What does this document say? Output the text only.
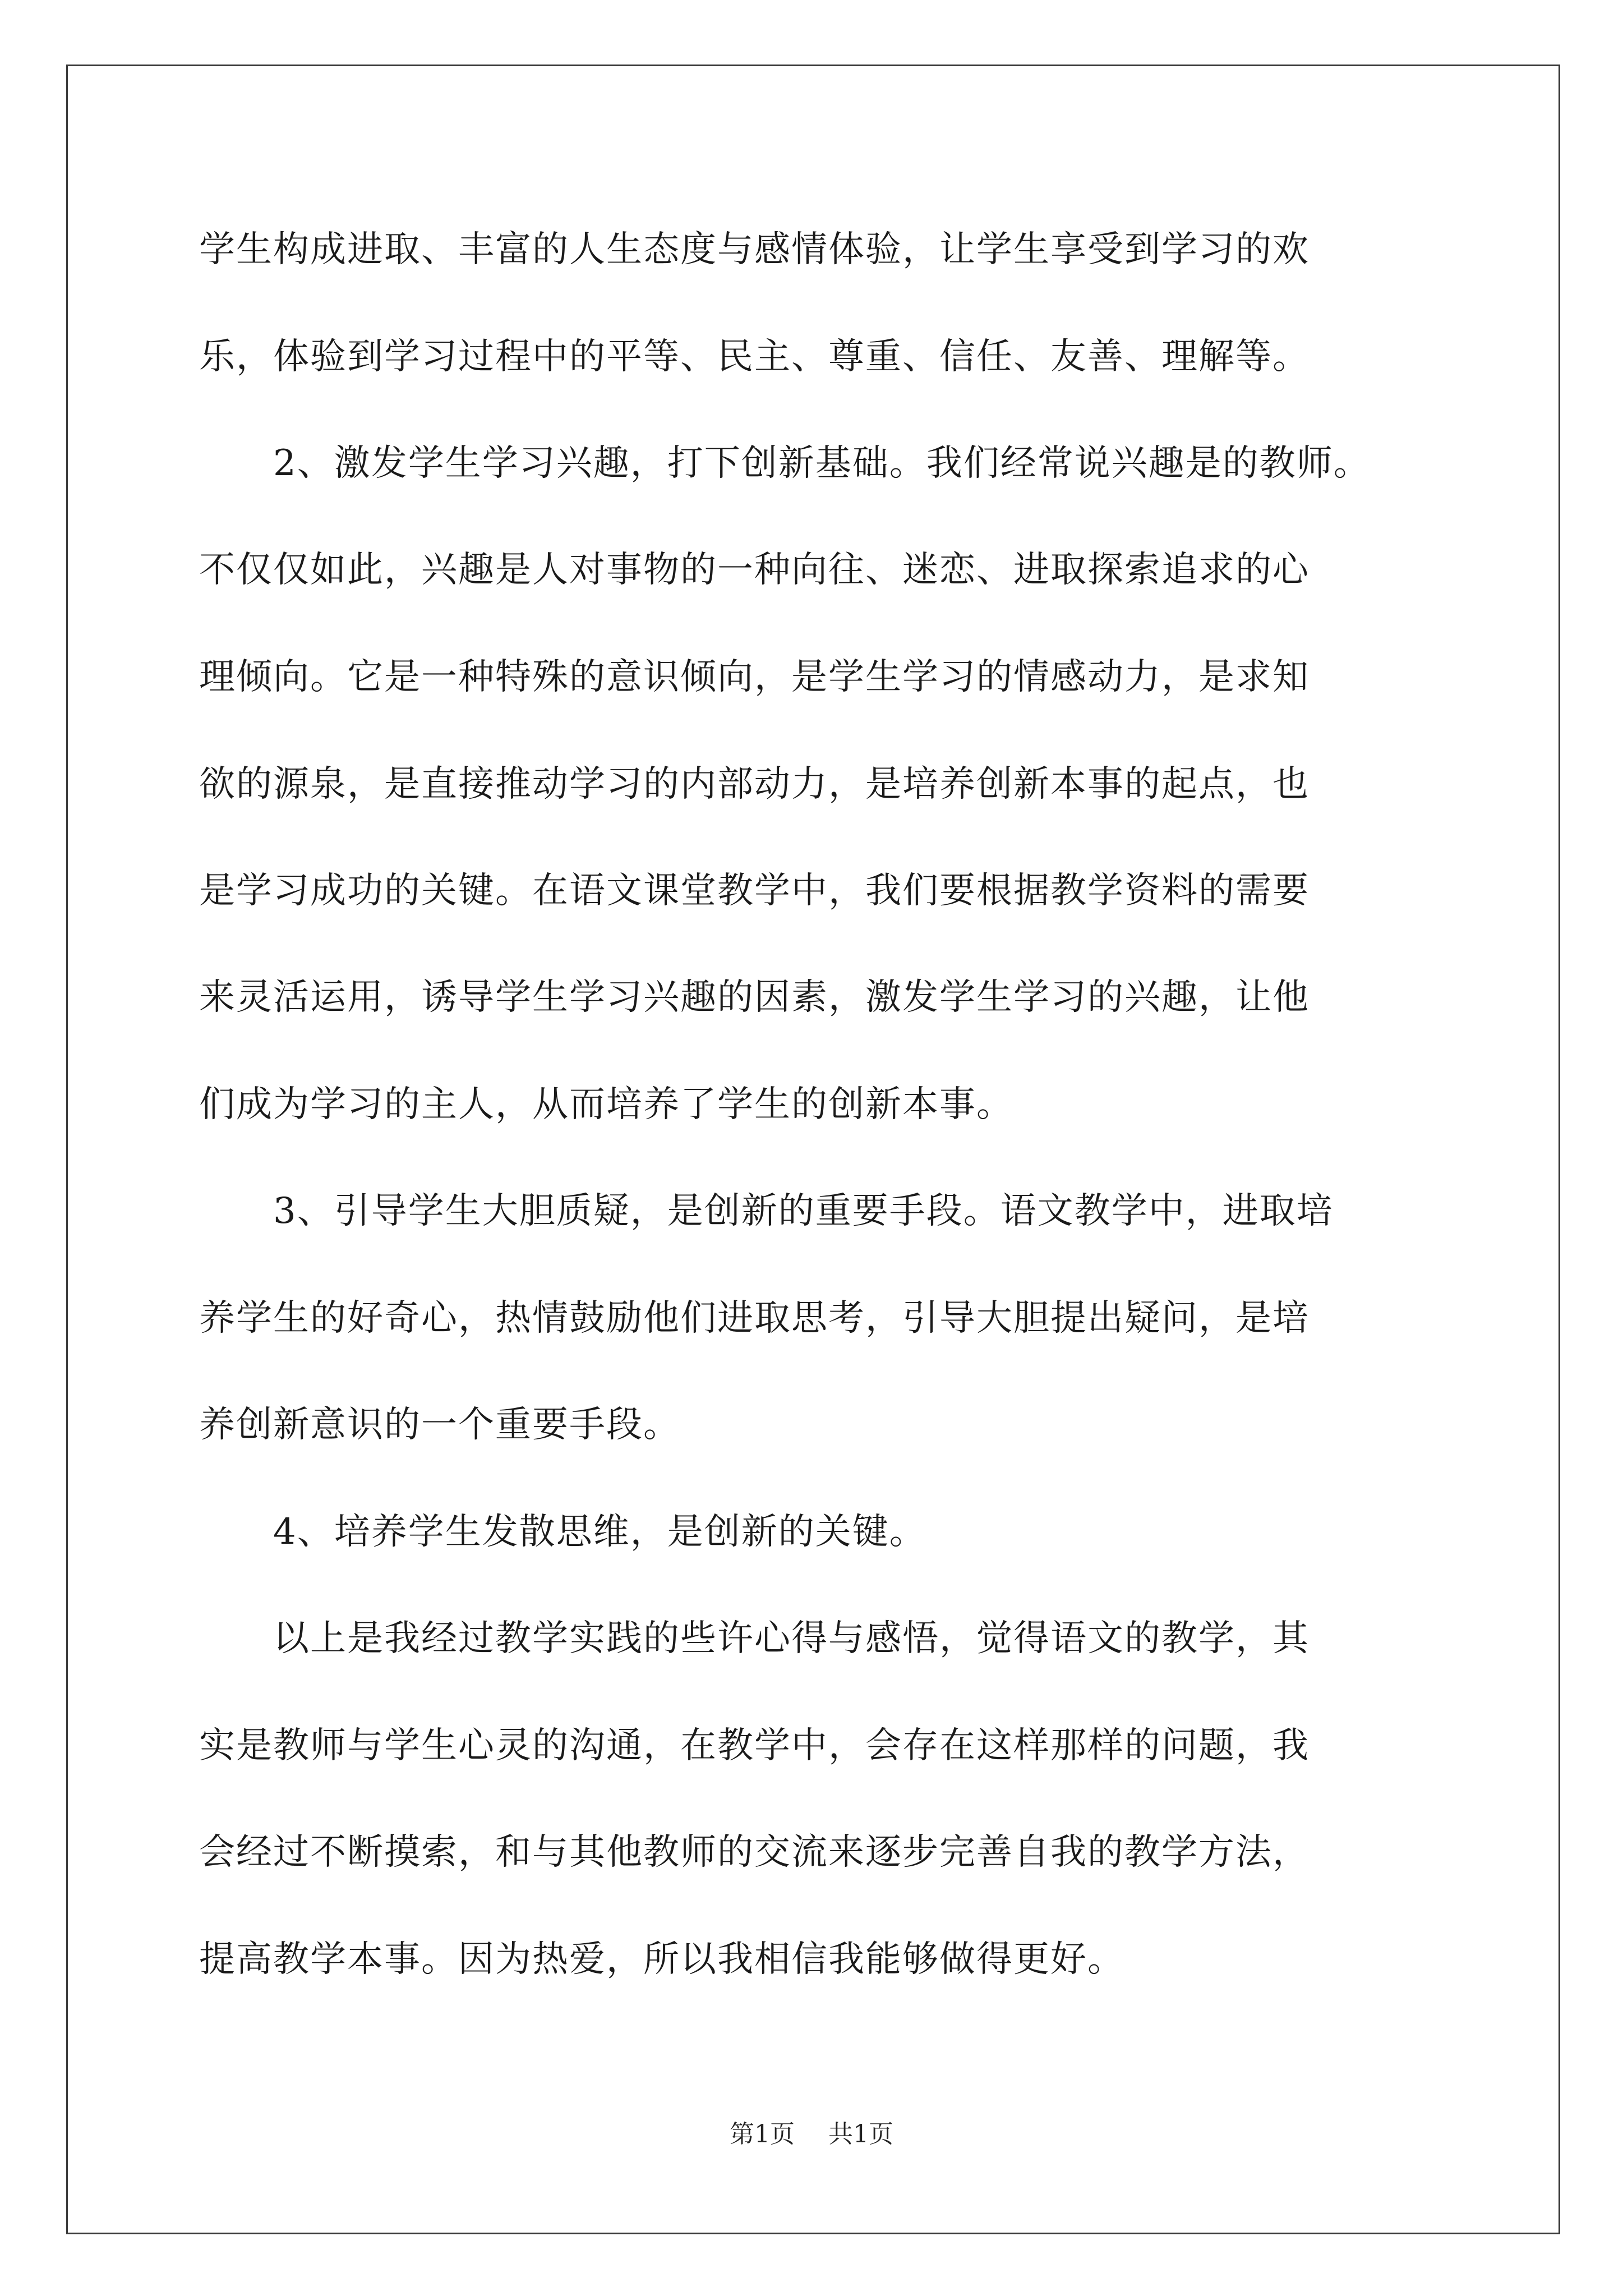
学生构成进取、丰富的人生态度与感情体验，让学生享受到学习的欢
乐，体验到学习过程中的平等、民主、尊重、信任、友善、理解等。
　　2、激发学生学习兴趣，打下创新基础。我们经常说兴趣是的教师。
不仅仅如此，兴趣是人对事物的一种向往、迷恋、进取探索追求的心
理倾向。它是一种特殊的意识倾向，是学生学习的情感动力，是求知
欲的源泉，是直接推动学习的内部动力，是培养创新本事的起点，也
是学习成功的关键。在语文课堂教学中，我们要根据教学资料的需要
来灵活运用，诱导学生学习兴趣的因素，激发学生学习的兴趣，让他
们成为学习的主人，从而培养了学生的创新本事。
　　3、引导学生大胆质疑，是创新的重要手段。语文教学中，进取培
养学生的好奇心，热情鼓励他们进取思考，引导大胆提出疑问，是培
养创新意识的一个重要手段。
　　4、培养学生发散思维，是创新的关键。
　　以上是我经过教学实践的些许心得与感悟，觉得语文的教学，其
实是教师与学生心灵的沟通，在教学中，会存在这样那样的问题，我
会经过不断摸索，和与其他教师的交流来逐步完善自我的教学方法，
提高教学本事。因为热爱，所以我相信我能够做得更好。
第1页 共1页
